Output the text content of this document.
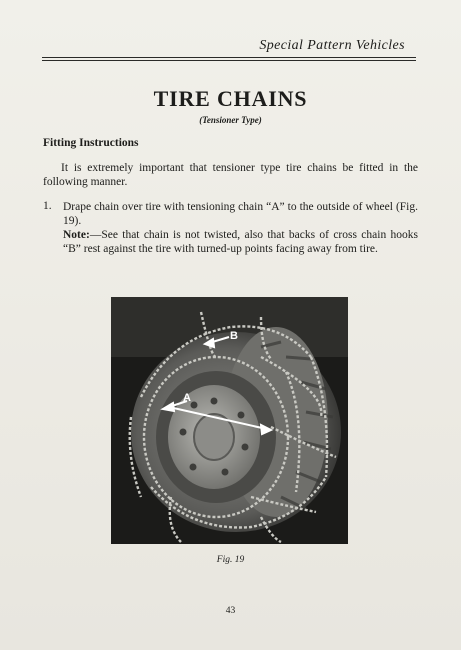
Special Pattern Vehicles
TIRE CHAINS
(Tensioner Type)
Fitting Instructions
It is extremely important that tensioner type tire chains be fitted in the following manner.
1. Drape chain over tire with tensioning chain “A” to the outside of wheel (Fig. 19).
Note:—See that chain is not twisted, also that backs of cross chain hooks “B” rest against the tire with turned-up points facing away from tire.
A
B
Fig. 19
43
